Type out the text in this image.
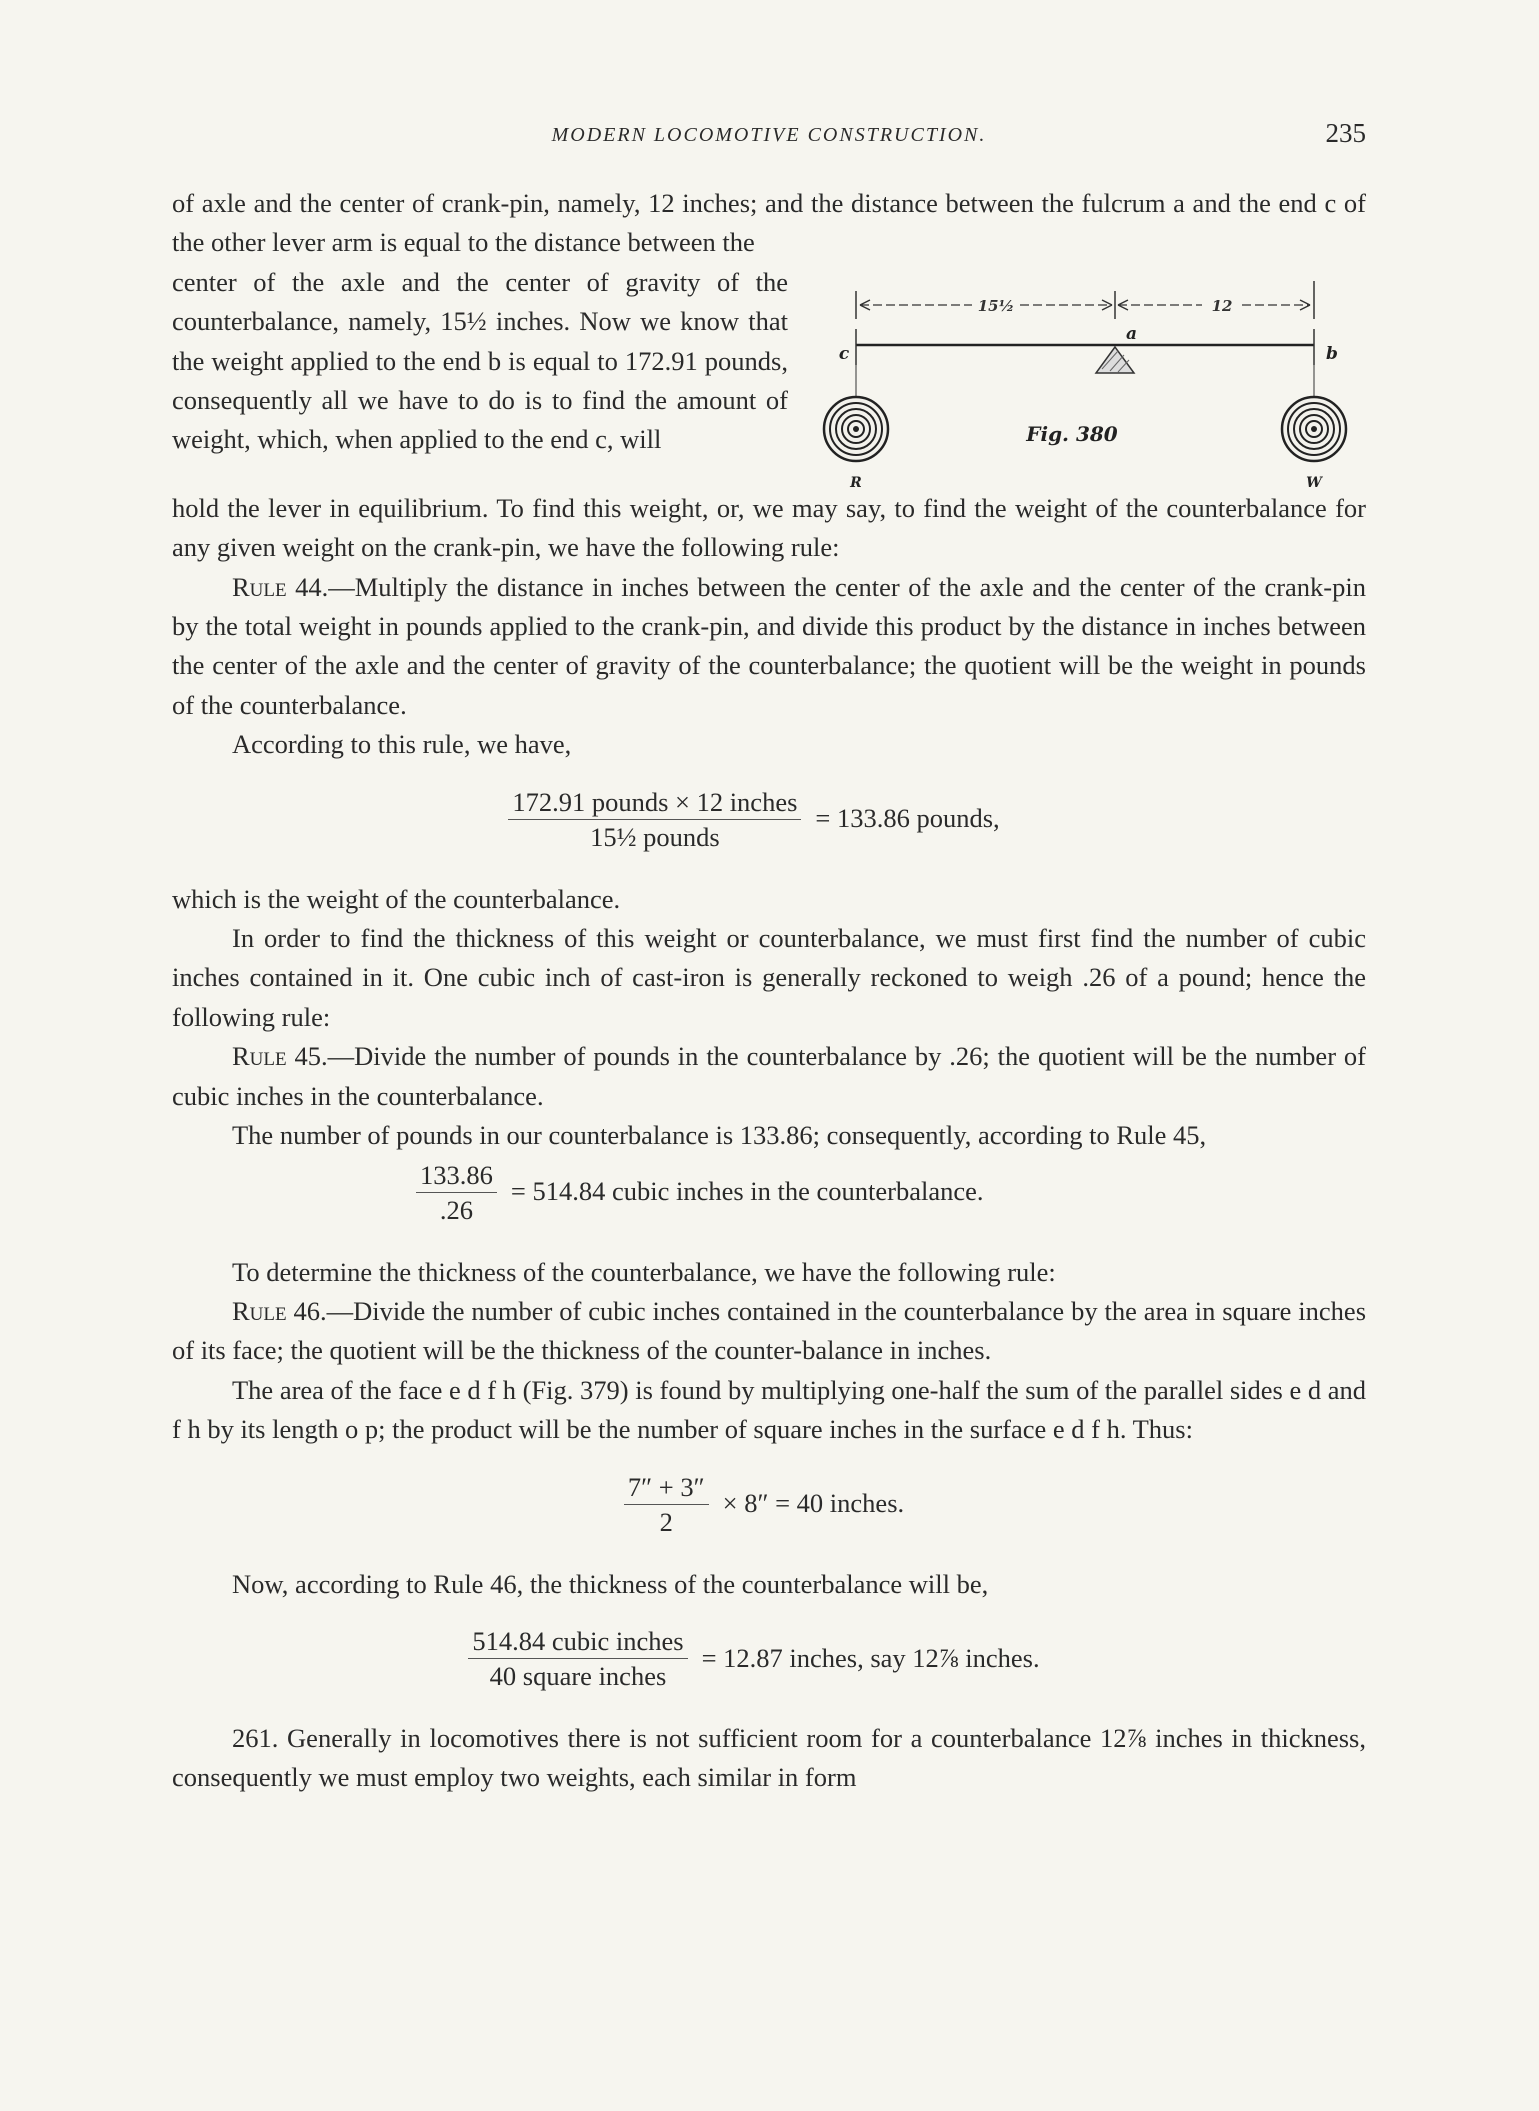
MODERN LOCOMOTIVE CONSTRUCTION.	235

of axle and the center of crank-pin, namely, 12 inches; and the distance between the fulcrum a and the end c of the other lever arm is equal to the distance between the

15½	12
c
a
b
Fig. 380
R	W

center of the axle and the center of gravity of the counterbalance, namely, 15½ inches. Now we know that the weight applied to the end b is equal to 172.91 pounds, consequently all we have to do is to find the amount of weight, which, when applied to the end c, will

hold the lever in equilibrium. To find this weight, or, we may say, to find the weight of the counterbalance for any given weight on the crank-pin, we have the following rule:

Rule 44.—Multiply the distance in inches between the center of the axle and the center of the crank-pin by the total weight in pounds applied to the crank-pin, and divide this product by the distance in inches between the center of the axle and the center of gravity of the counterbalance; the quotient will be the weight in pounds of the counterbalance.

According to this rule, we have,

$\frac{\text{172.91 pounds × 12 inches}}{\text{15½ pounds}} = 133.86$ pounds,

which is the weight of the counterbalance.

In order to find the thickness of this weight or counterbalance, we must first find the number of cubic inches contained in it. One cubic inch of cast-iron is generally reckoned to weigh .26 of a pound; hence the following rule:

Rule 45.—Divide the number of pounds in the counterbalance by .26; the quotient will be the number of cubic inches in the counterbalance.

The number of pounds in our counterbalance is 133.86; consequently, according to Rule 45,

$\frac{133.86}{.26} = 514.84$ cubic inches in the counterbalance.

To determine the thickness of the counterbalance, we have the following rule:

Rule 46.—Divide the number of cubic inches contained in the counterbalance by the area in square inches of its face; the quotient will be the thickness of the counter-balance in inches.

The area of the face e d f h (Fig. 379) is found by multiplying one-half the sum of the parallel sides e d and f h by its length o p; the product will be the number of square inches in the surface e d f h. Thus:

$\frac{7'' + 3''}{2} \times 8'' = 40$ inches.

Now, according to Rule 46, the thickness of the counterbalance will be,

$\frac{\text{514.84 cubic inches}}{\text{40 square inches}} = 12.87$ inches, say 12⅞ inches.

261. Generally in locomotives there is not sufficient room for a counterbalance 12⅞ inches in thickness, consequently we must employ two weights, each similar in form
